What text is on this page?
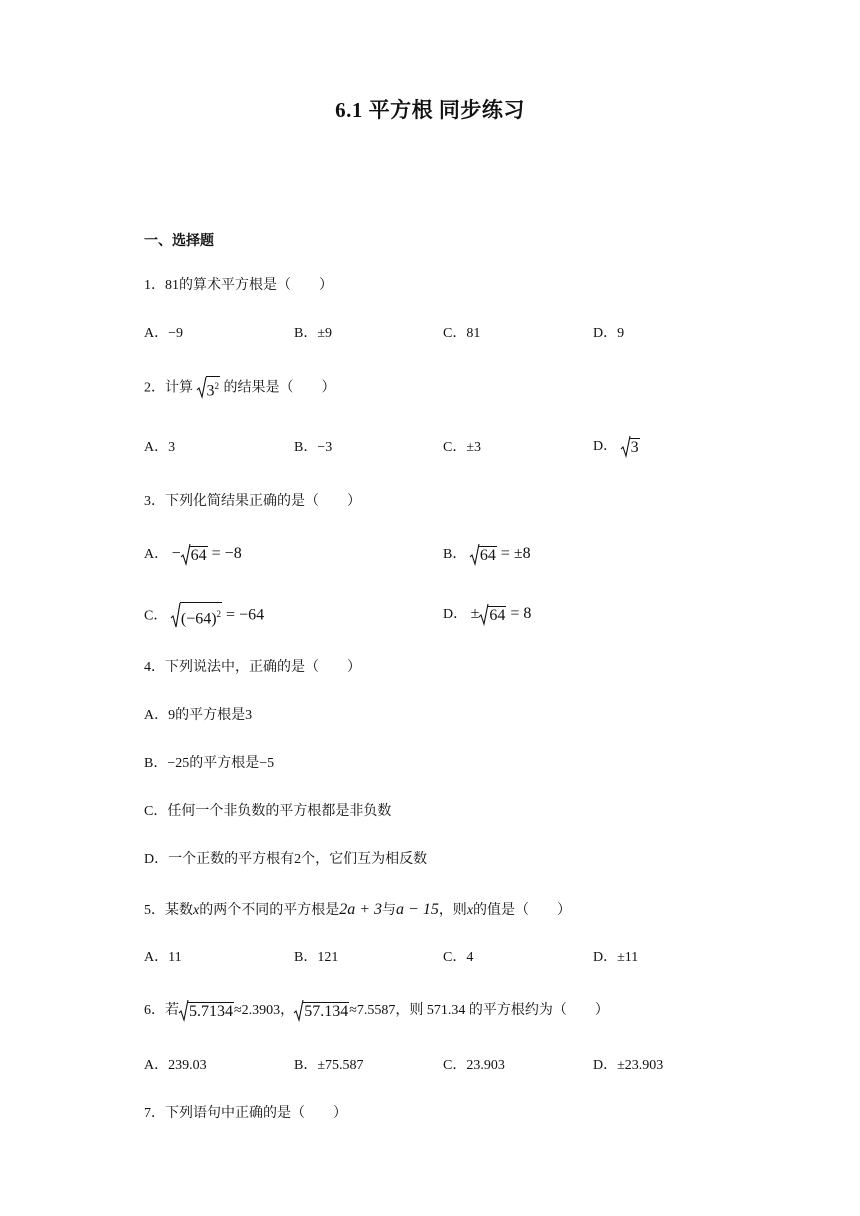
6.1 平方根 同步练习
一、选择题
1．81的算术平方根是（　　）
A．−9	B．±9	C．81	D．9
2．计算 $3^2$ 的结果是（　　）
A．3	B．−3	C．±3	D． 3
3．下列化简结果正确的是（　　）
A． − 64 = −8	B． 64 = ±8
C． $(-64)^2 = -64$	D． ± 64 = 8
4．下列说法中，正确的是（　　）
A．9的平方根是3
B．−25的平方根是−5
C．任何一个非负数的平方根都是非负数
D．一个正数的平方根有2个，它们互为相反数
5．某数x的两个不同的平方根是2a + 3与a − 15，则x的值是（　　）
A．11	B．121	C．4	D．±11
6．若 5.7134≈2.3903， 57.134≈7.5587，则 571.34 的平方根约为（　　）
A．239.03	B．±75.587	C．23.903	D．±23.903
7．下列语句中正确的是（　　）
